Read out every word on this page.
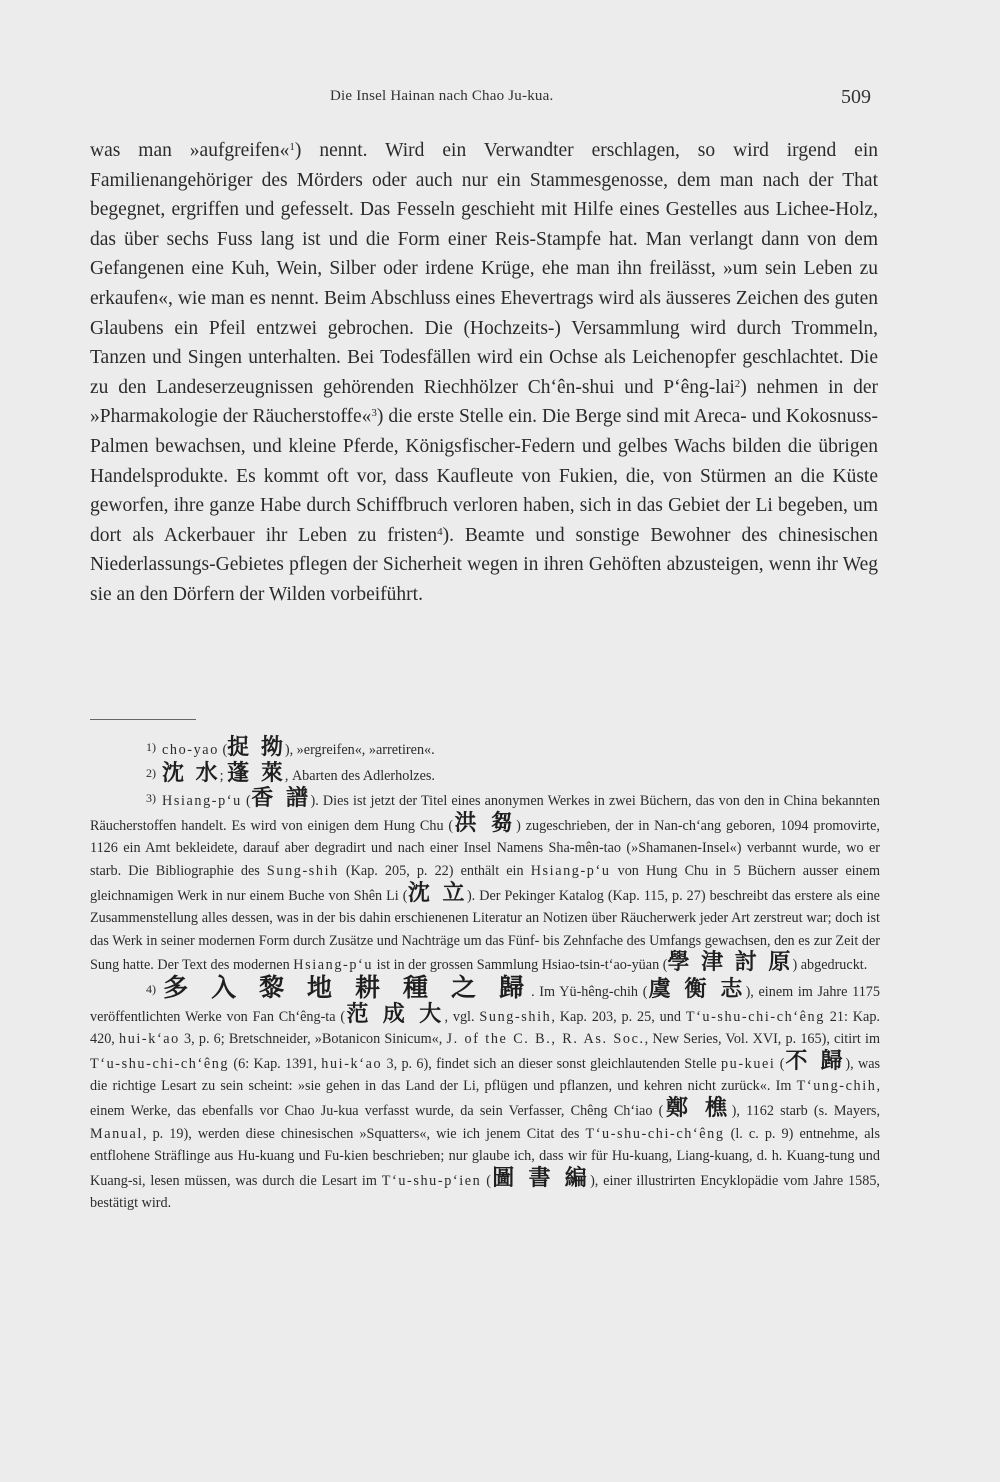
Die Insel Hainan nach Chao Ju-kua.	509

was man »aufgreifen«$^1$) nennt. Wird ein Verwandter erschlagen, so wird irgend ein Familienangehöriger des Mörders oder auch nur ein Stammesgenosse, dem man nach der That begegnet, ergriffen und gefesselt. Das Fesseln geschieht mit Hilfe eines Gestelles aus Lichee-Holz, das über sechs Fuss lang ist und die Form einer Reis-Stampfe hat. Man verlangt dann von dem Gefangenen eine Kuh, Wein, Silber oder irdene Krüge, ehe man ihn freilässt, »um sein Leben zu erkaufen«, wie man es nennt. Beim Abschluss eines Ehevertrags wird als äusseres Zeichen des guten Glaubens ein Pfeil entzwei gebrochen. Die (Hochzeits-) Versammlung wird durch Trommeln, Tanzen und Singen unterhalten. Bei Todesfällen wird ein Ochse als Leichenopfer geschlachtet. Die zu den Landeserzeugnissen gehörenden Riechhölzer Ch‘ên-shui und P‘êng-lai$^2$) nehmen in der »Pharmakologie der Räucherstoffe«$^3$) die erste Stelle ein. Die Berge sind mit Areca- und Kokosnuss-Palmen bewachsen, und kleine Pferde, Königsfischer-Federn und gelbes Wachs bilden die übrigen Handelsprodukte. Es kommt oft vor, dass Kaufleute von Fukien, die, von Stürmen an die Küste geworfen, ihre ganze Habe durch Schiffbruch verloren haben, sich in das Gebiet der Li begeben, um dort als Ackerbauer ihr Leben zu fristen$^4$). Beamte und sonstige Bewohner des chinesischen Niederlassungs-Gebietes pflegen der Sicherheit wegen in ihren Gehöften abzusteigen, wenn ihr Weg sie an den Dörfern der Wilden vorbeiführt.

$^{1)}$ cho-yao (捉 拗), »ergreifen«, »arretiren«.

$^{2)}$ 沈 水; 蓬 萊, Abarten des Adlerholzes.

$^{3)}$ Hsiang-p‘u (香 譜). Dies ist jetzt der Titel eines anonymen Werkes in zwei Büchern, das von den in China bekannten Räucherstoffen handelt. Es wird von einigen dem Hung Chu (洪 芻) zugeschrieben, der in Nan-ch‘ang geboren, 1094 promovirte, 1126 ein Amt bekleidete, darauf aber degradirt und nach einer Insel Namens Sha-mên-tao (»Shamanen-Insel«) verbannt wurde, wo er starb. Die Bibliographie des Sung-shih (Kap. 205, p. 22) enthält ein Hsiang-p‘u von Hung Chu in 5 Büchern ausser einem gleichnamigen Werk in nur einem Buche von Shên Li (沈 立). Der Pekinger Katalog (Kap. 115, p. 27) beschreibt das erstere als eine Zusammenstellung alles dessen, was in der bis dahin erschienenen Literatur an Notizen über Räucherwerk jeder Art zerstreut war; doch ist das Werk in seiner modernen Form durch Zusätze und Nachträge um das Fünf- bis Zehnfache des Umfangs gewachsen, den es zur Zeit der Sung hatte. Der Text des modernen Hsiang-p‘u ist in der grossen Sammlung Hsiao-tsin-t‘ao-yüan (學 津 討 原) abgedruckt.

$^{4)}$ 多 入 黎 地 耕 種 之 歸. Im Yü-hêng-chih (虞 衡 志), einem im Jahre 1175 veröffentlichten Werke von Fan Ch‘êng-ta (范 成 大, vgl. Sung-shih, Kap. 203, p. 25, und T‘u-shu-chi-ch‘êng 21: Kap. 420, hui-k‘ao 3, p. 6; Bretschneider, »Botanicon Sinicum«, J. of the C. B., R. As. Soc., New Series, Vol. XVI, p. 165), citirt im T‘u-shu-chi-ch‘êng (6: Kap. 1391, hui-k‘ao 3, p. 6), findet sich an dieser sonst gleichlautenden Stelle pu-kuei (不 歸), was die richtige Lesart zu sein scheint: »sie gehen in das Land der Li, pflügen und pflanzen, und kehren nicht zurück«. Im T‘ung-chih, einem Werke, das ebenfalls vor Chao Ju-kua verfasst wurde, da sein Verfasser, Chêng Ch‘iao (鄭 樵), 1162 starb (s. Mayers, Manual, p. 19), werden diese chinesischen »Squatters«, wie ich jenem Citat des T‘u-shu-chi-ch‘êng (l. c. p. 9) entnehme, als entflohene Sträflinge aus Hu-kuang und Fu-kien beschrieben; nur glaube ich, dass wir für Hu-kuang, Liang-kuang, d. h. Kuang-tung und Kuang-si, lesen müssen, was durch die Lesart im T‘u-shu-p‘ien (圖 書 編), einer illustrirten Encyklopädie vom Jahre 1585, bestätigt wird.
